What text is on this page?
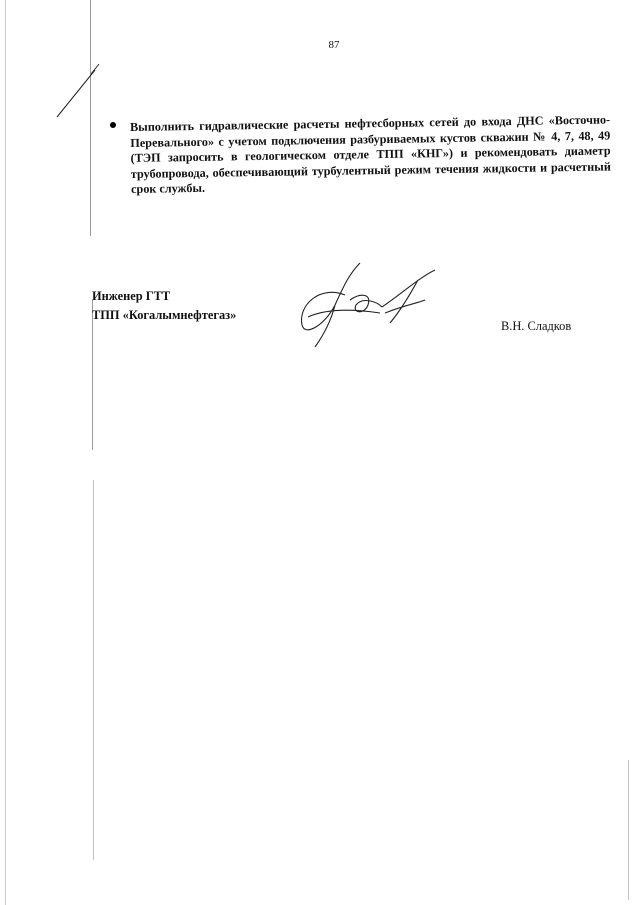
87
Выполнить гидравлические расчеты нефтесборных сетей до входа ДНС «Восточно-Перевального» с учетом подключения разбуриваемых кустов скважин № 4, 7, 48, 49 (ТЭП запросить в геологическом отделе ТПП «КНГ») и рекомендовать диаметр трубопровода, обеспечивающий турбулентный режим течения жидкости и расчетный срок службы.
Инженер ГТТ
ТПП «Когалымнефтегаз»
В.Н. Сладков
